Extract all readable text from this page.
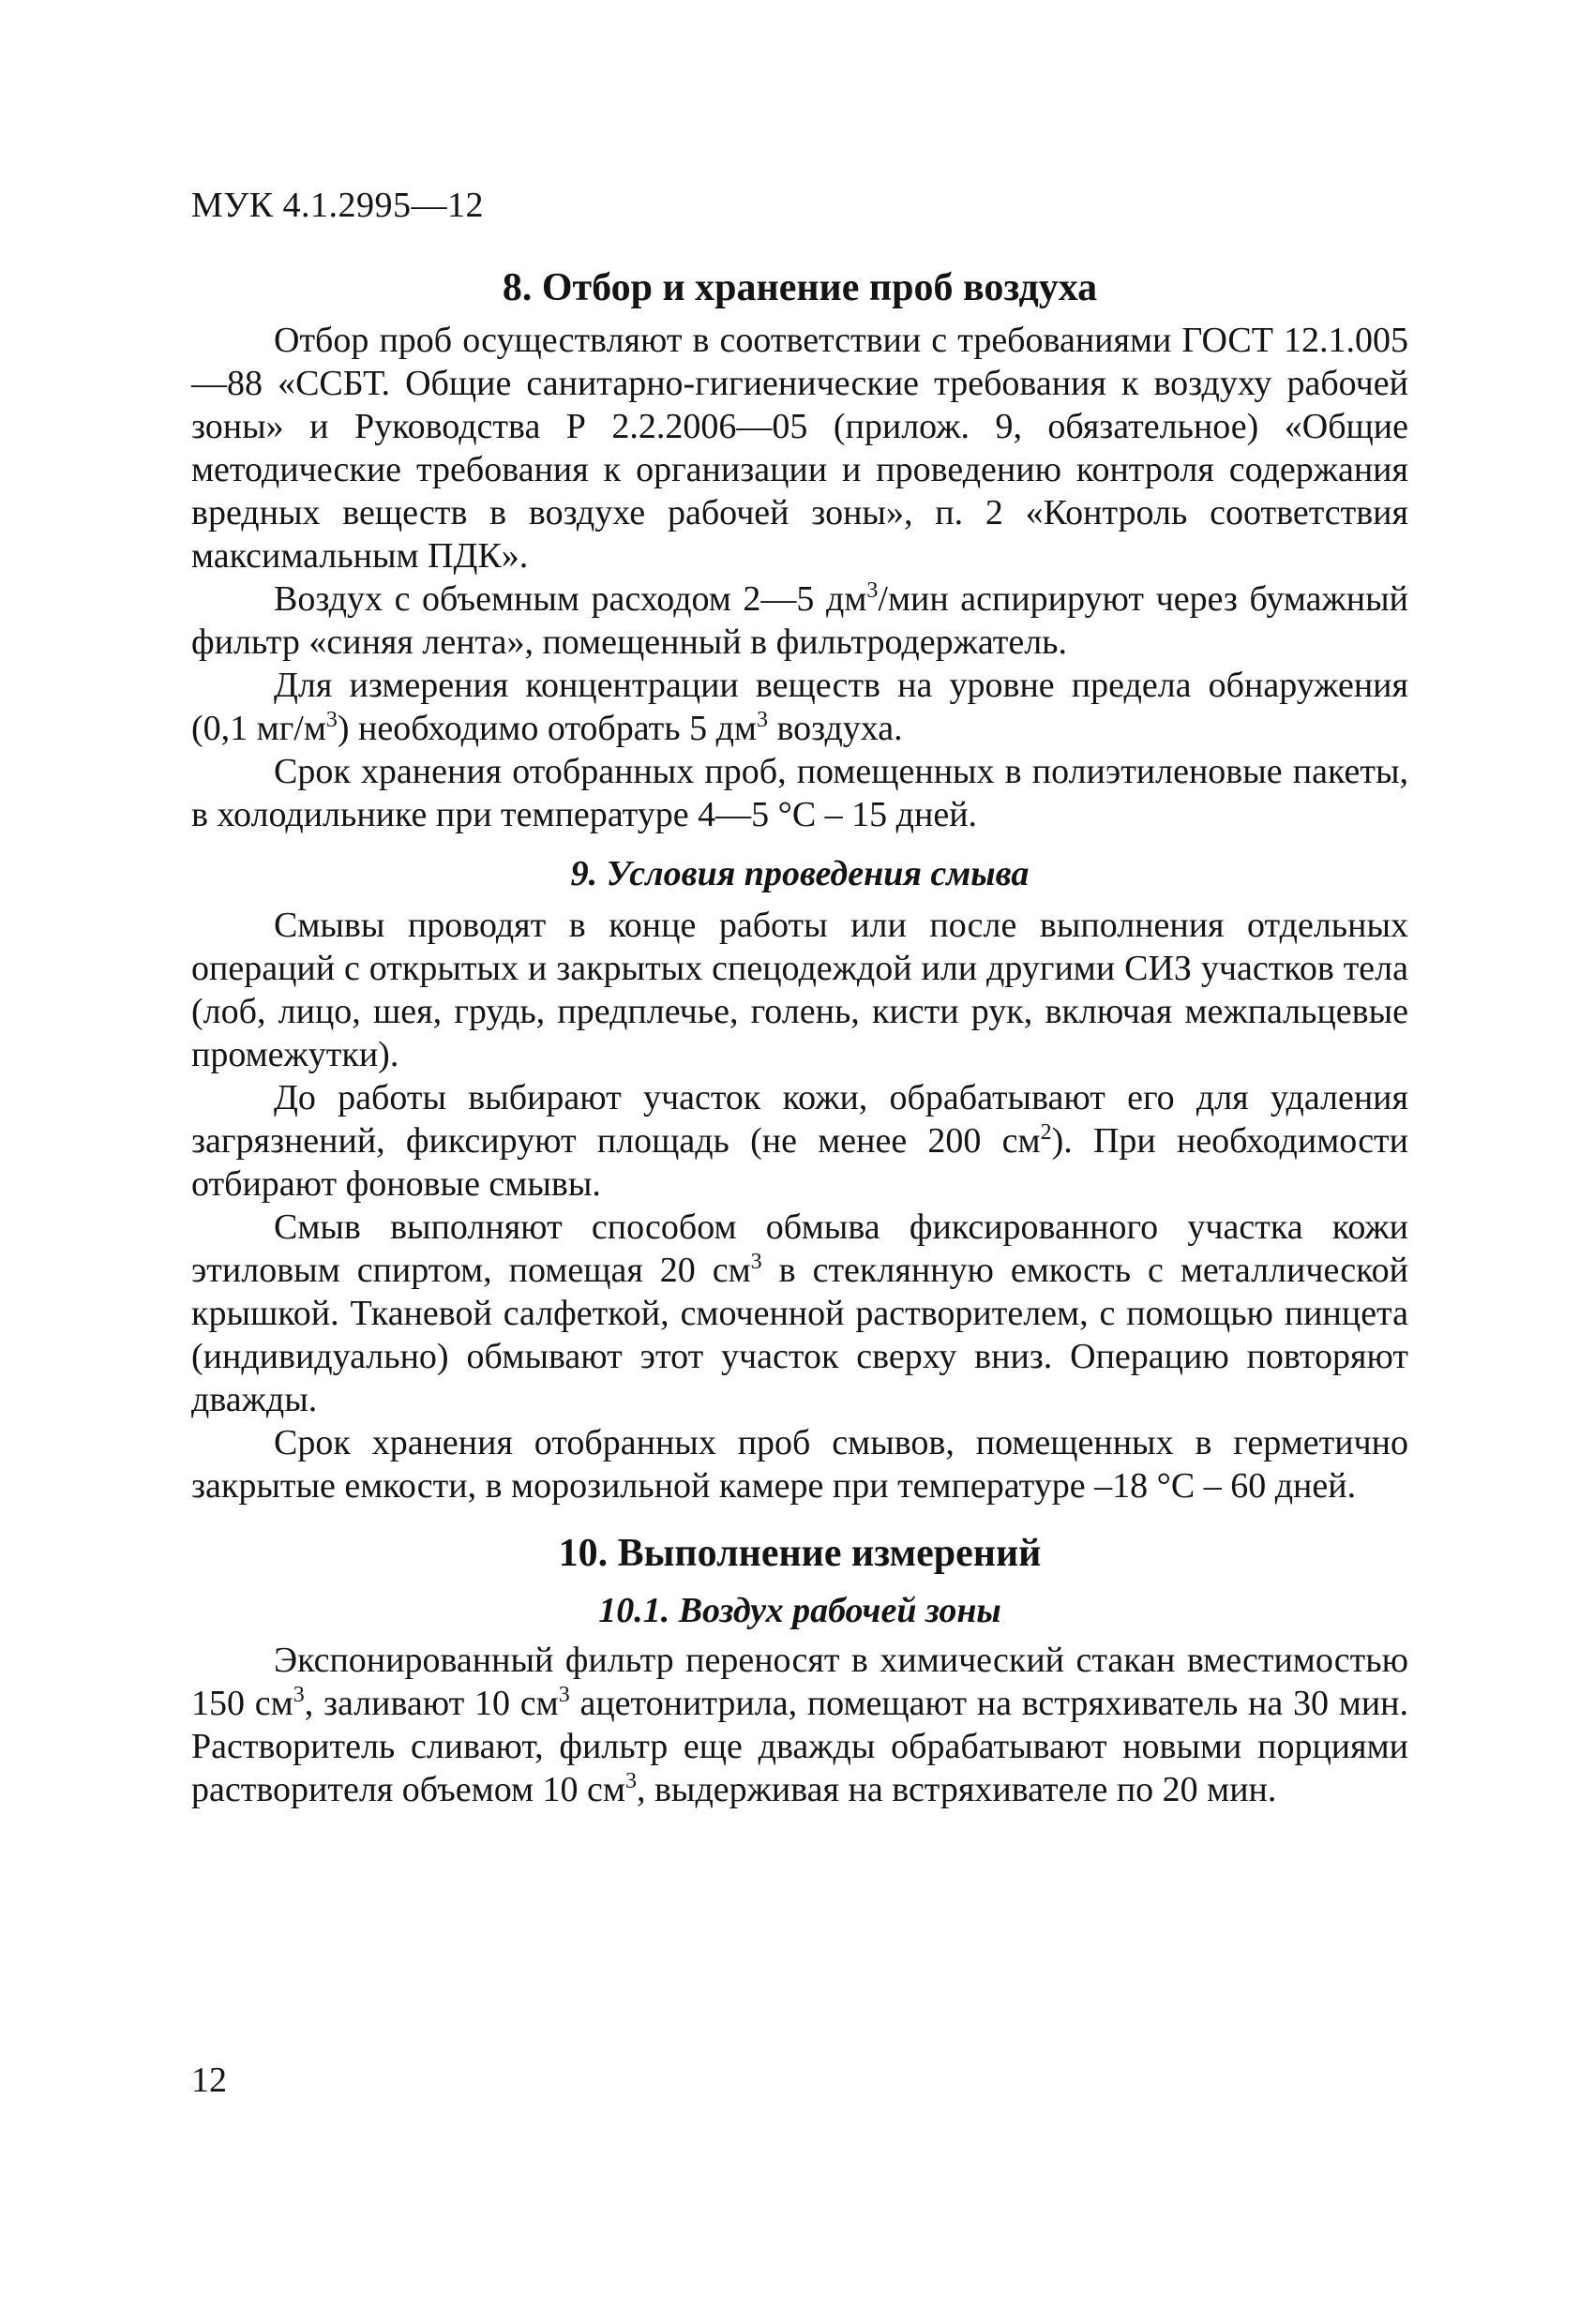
МУК 4.1.2995—12
8. Отбор и хранение проб воздуха

Отбор проб осуществляют в соответствии с требованиями ГОСТ 12.1.005—88 «ССБТ. Общие санитарно-гигиенические требования к воздуху рабочей зоны» и Руководства Р 2.2.2006—05 (прилож. 9, обязательное) «Общие методические требования к организации и проведению контроля содержания вредных веществ в воздухе рабочей зоны», п. 2 «Контроль соответствия максимальным ПДК».

Воздух с объемным расходом 2—5 $дм^3$/мин аспирируют через бумажный фильтр «синяя лента», помещенный в фильтродержатель.

Для измерения концентрации веществ на уровне предела обнаружения (0,1 $мг/м^3$) необходимо отобрать 5 $дм^3$ воздуха.

Срок хранения отобранных проб, помещенных в полиэтиленовые пакеты, в холодильнике при температуре 4—5 °С – 15 дней.

9. Условия проведения смыва

Смывы проводят в конце работы или после выполнения отдельных операций с открытых и закрытых спецодеждой или другими СИЗ участков тела (лоб, лицо, шея, грудь, предплечье, голень, кисти рук, включая межпальцевые промежутки).

До работы выбирают участок кожи, обрабатывают его для удаления загрязнений, фиксируют площадь (не менее 200 $см^2$). При необходимости отбирают фоновые смывы.

Смыв выполняют способом обмыва фиксированного участка кожи этиловым спиртом, помещая 20 $см^3$ в стеклянную емкость с металлической крышкой. Тканевой салфеткой, смоченной растворителем, с помощью пинцета (индивидуально) обмывают этот участок сверху вниз. Операцию повторяют дважды.

Срок хранения отобранных проб смывов, помещенных в герметично закрытые емкости, в морозильной камере при температуре –18 °С – 60 дней.

10. Выполнение измерений
10.1. Воздух рабочей зоны

Экспонированный фильтр переносят в химический стакан вместимостью 150 $см^3$, заливают 10 $см^3$ ацетонитрила, помещают на встряхиватель на 30 мин. Растворитель сливают, фильтр еще дважды обрабатывают новыми порциями растворителя объемом 10 $см^3$, выдерживая на встряхивателе по 20 мин.

12
